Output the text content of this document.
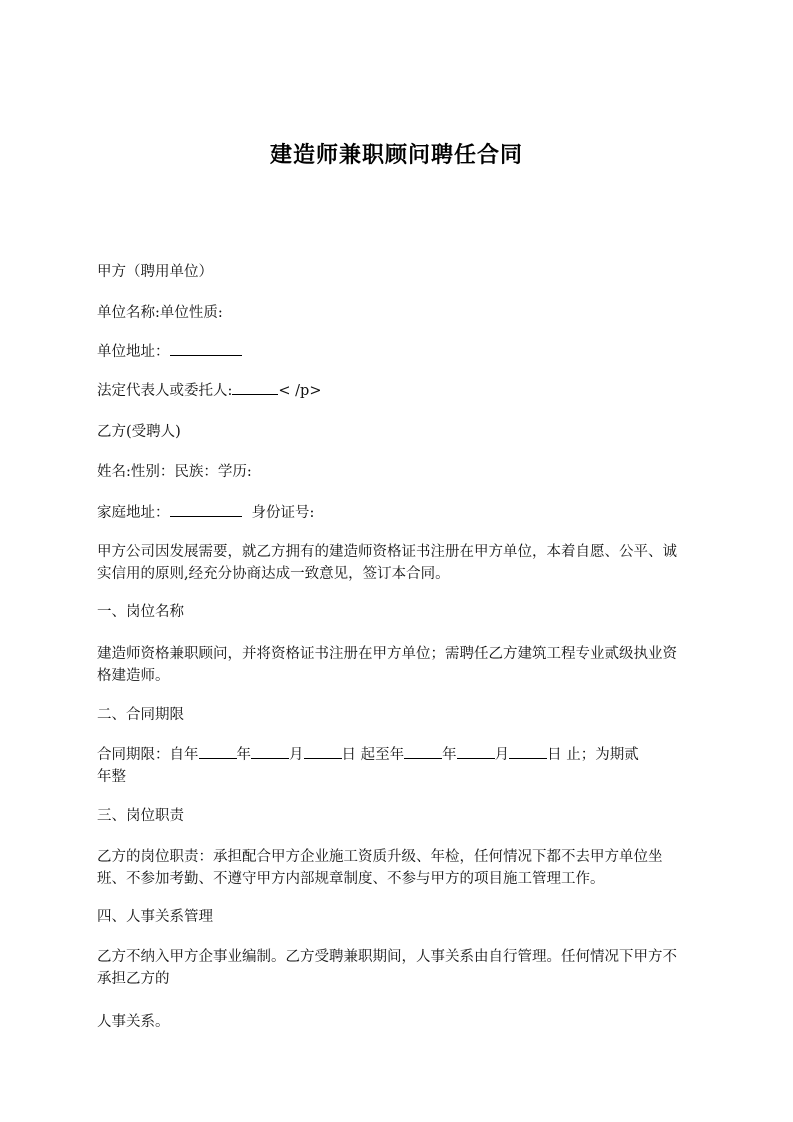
建造师兼职顾问聘任合同
甲方（聘用单位）
单位名称:单位性质:
单位地址：
法定代表人或委托人:	< /p>
乙方(受聘人)
姓名:性别：民族：学历:
家庭地址：	身份证号:
甲方公司因发展需要，就乙方拥有的建造师资格证书注册在甲方单位，本着自愿、公平、诚实信用的原则,经充分协商达成一致意见，签订本合同。
一、岗位名称
建造师资格兼职顾问，并将资格证书注册在甲方单位；需聘任乙方建筑工程专业贰级执业资格建造师。
二、合同期限
合同期限：自年	年	月	日 起至年	年	月	日 止；为期贰
年整
三、岗位职责
乙方的岗位职责：承担配合甲方企业施工资质升级、年检，任何情况下都不去甲方单位坐班、不参加考勤、不遵守甲方内部规章制度、不参与甲方的项目施工管理工作。
四、人事关系管理
乙方不纳入甲方企事业编制。乙方受聘兼职期间，人事关系由自行管理。任何情况下甲方不承担乙方的
人事关系。
